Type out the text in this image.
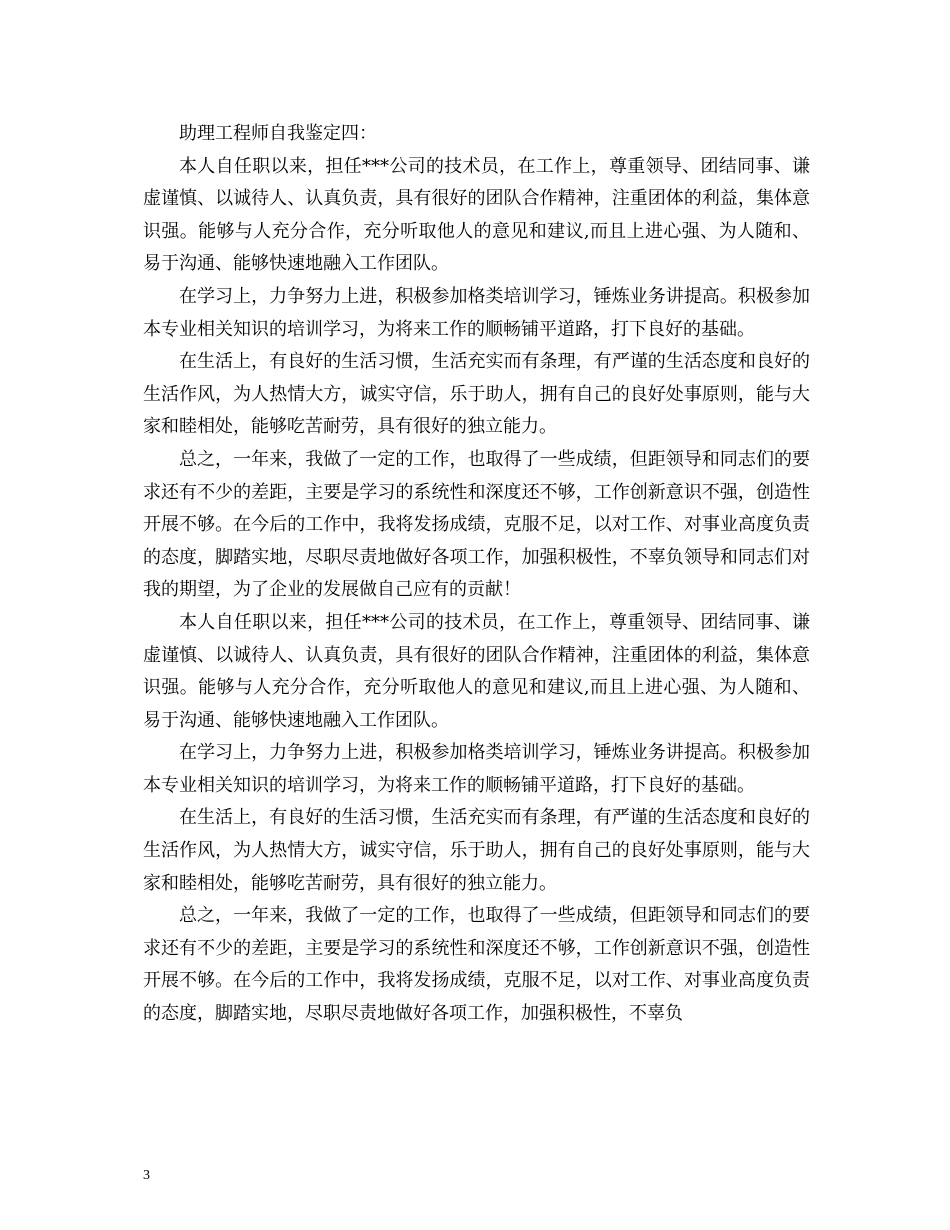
助理工程师自我鉴定四：

本人自任职以来，担任***公司的技术员，在工作上，尊重领导、团结同事、谦虚谨慎、以诚待人、认真负责，具有很好的团队合作精神，注重团体的利益，集体意识强。能够与人充分合作，充分听取他人的意见和建议,而且上进心强、为人随和、易于沟通、能够快速地融入工作团队。

在学习上，力争努力上进，积极参加格类培训学习，锤炼业务讲提高。积极参加本专业相关知识的培训学习，为将来工作的顺畅铺平道路，打下良好的基础。

在生活上，有良好的生活习惯，生活充实而有条理，有严谨的生活态度和良好的生活作风，为人热情大方，诚实守信，乐于助人，拥有自己的良好处事原则，能与大家和睦相处，能够吃苦耐劳，具有很好的独立能力。

总之，一年来，我做了一定的工作，也取得了一些成绩，但距领导和同志们的要求还有不少的差距，主要是学习的系统性和深度还不够，工作创新意识不强，创造性开展不够。在今后的工作中，我将发扬成绩，克服不足，以对工作、对事业高度负责的态度，脚踏实地，尽职尽责地做好各项工作，加强积极性，不辜负领导和同志们对我的期望，为了企业的发展做自己应有的贡献！

本人自任职以来，担任***公司的技术员，在工作上，尊重领导、团结同事、谦虚谨慎、以诚待人、认真负责，具有很好的团队合作精神，注重团体的利益，集体意识强。能够与人充分合作，充分听取他人的意见和建议,而且上进心强、为人随和、易于沟通、能够快速地融入工作团队。

在学习上，力争努力上进，积极参加格类培训学习，锤炼业务讲提高。积极参加本专业相关知识的培训学习，为将来工作的顺畅铺平道路，打下良好的基础。

在生活上，有良好的生活习惯，生活充实而有条理，有严谨的生活态度和良好的生活作风，为人热情大方，诚实守信，乐于助人，拥有自己的良好处事原则，能与大家和睦相处，能够吃苦耐劳，具有很好的独立能力。

总之，一年来，我做了一定的工作，也取得了一些成绩，但距领导和同志们的要求还有不少的差距，主要是学习的系统性和深度还不够，工作创新意识不强，创造性开展不够。在今后的工作中，我将发扬成绩，克服不足，以对工作、对事业高度负责的态度，脚踏实地，尽职尽责地做好各项工作，加强积极性，不辜负

3
